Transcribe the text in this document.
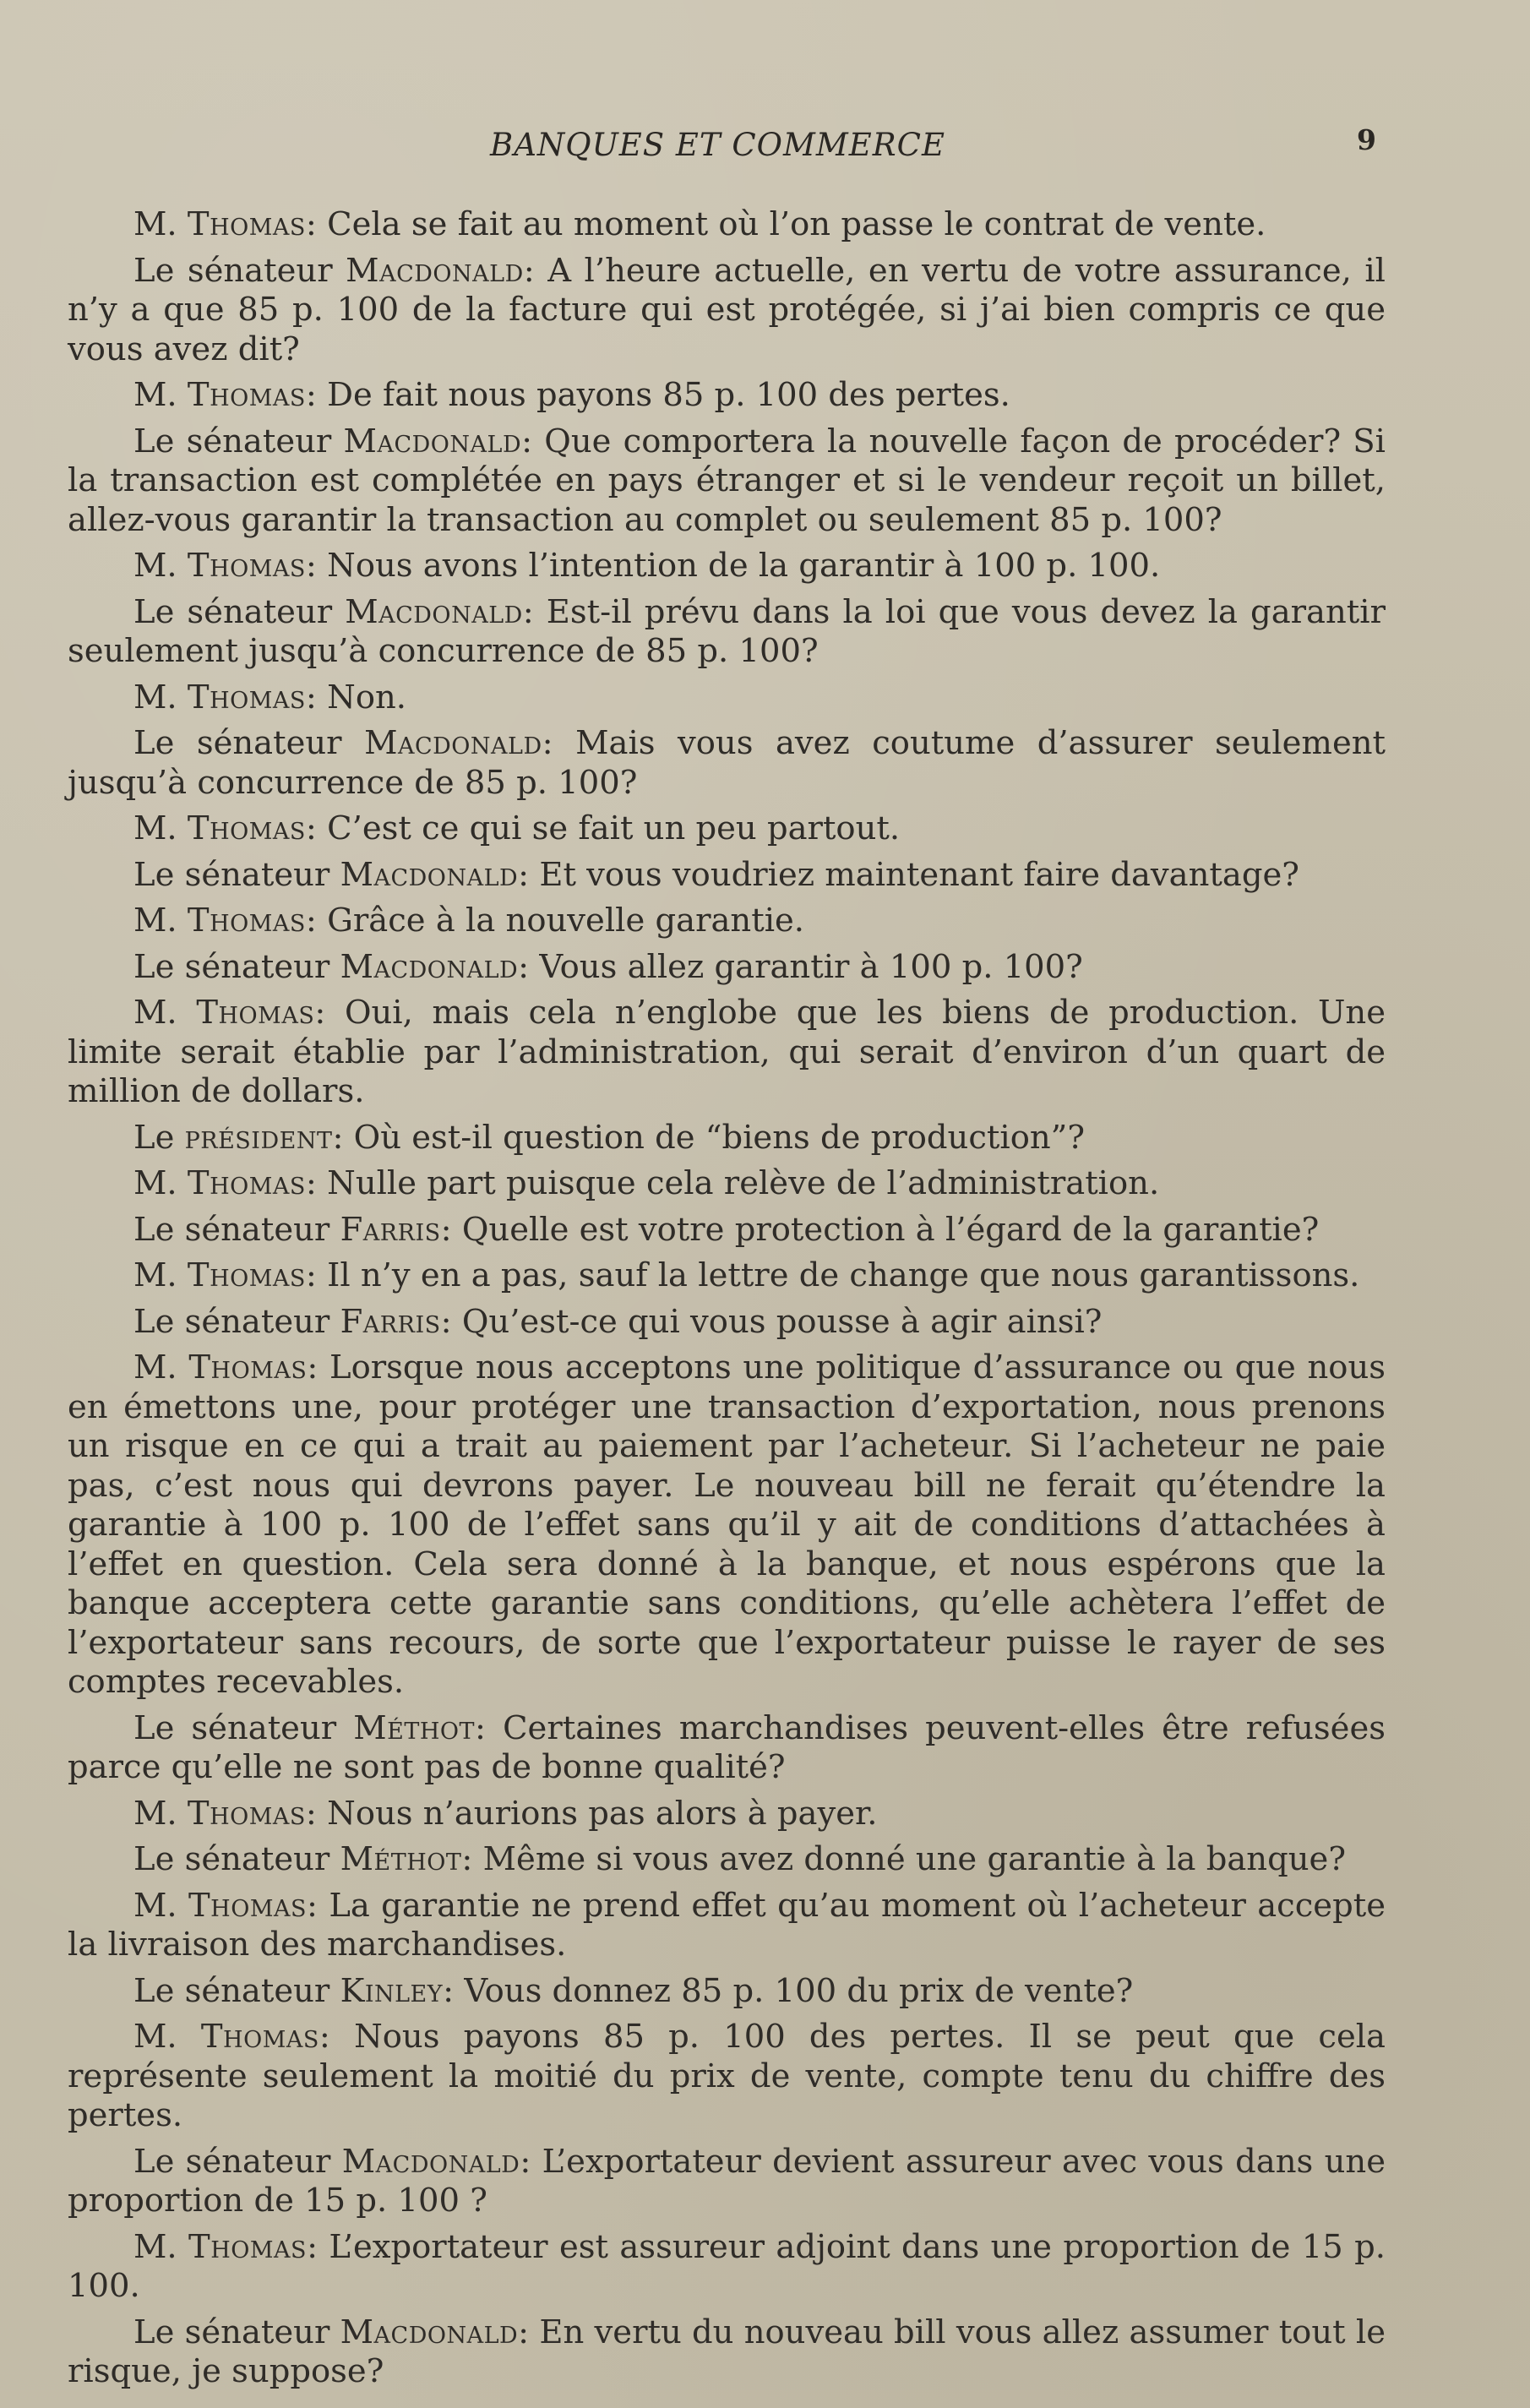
BANQUES ET COMMERCE	9

M. Thomas: Cela se fait au moment où l’on passe le contrat de vente.

Le sénateur Macdonald: A l’heure actuelle, en vertu de votre assurance, il n’y a que 85 p. 100 de la facture qui est protégée, si j’ai bien compris ce que vous avez dit?

M. Thomas: De fait nous payons 85 p. 100 des pertes.

Le sénateur Macdonald: Que comportera la nouvelle façon de procéder? Si la transaction est complétée en pays étranger et si le vendeur reçoit un billet, allez-vous garantir la transaction au complet ou seulement 85 p. 100?

M. Thomas: Nous avons l’intention de la garantir à 100 p. 100.

Le sénateur Macdonald: Est-il prévu dans la loi que vous devez la garantir seulement jusqu’à concurrence de 85 p. 100?

M. Thomas: Non.

Le sénateur Macdonald: Mais vous avez coutume d’assurer seulement jusqu’à concurrence de 85 p. 100?

M. Thomas: C’est ce qui se fait un peu partout.

Le sénateur Macdonald: Et vous voudriez maintenant faire davantage?

M. Thomas: Grâce à la nouvelle garantie.

Le sénateur Macdonald: Vous allez garantir à 100 p. 100?

M. Thomas: Oui, mais cela n’englobe que les biens de production. Une limite serait établie par l’administration, qui serait d’environ d’un quart de million de dollars.

Le président: Où est-il question de “biens de production”?

M. Thomas: Nulle part puisque cela relève de l’administration.

Le sénateur Farris: Quelle est votre protection à l’égard de la garantie?

M. Thomas: Il n’y en a pas, sauf la lettre de change que nous garantissons.

Le sénateur Farris: Qu’est-ce qui vous pousse à agir ainsi?

M. Thomas: Lorsque nous acceptons une politique d’assurance ou que nous en émettons une, pour protéger une transaction d’exportation, nous prenons un risque en ce qui a trait au paiement par l’acheteur. Si l’acheteur ne paie pas, c’est nous qui devrons payer. Le nouveau bill ne ferait qu’étendre la garantie à 100 p. 100 de l’effet sans qu’il y ait de conditions d’attachées à l’effet en question. Cela sera donné à la banque, et nous espérons que la banque acceptera cette garantie sans conditions, qu’elle achètera l’effet de l’exportateur sans recours, de sorte que l’exportateur puisse le rayer de ses comptes recevables.

Le sénateur Méthot: Certaines marchandises peuvent-elles être refusées parce qu’elle ne sont pas de bonne qualité?

M. Thomas: Nous n’aurions pas alors à payer.

Le sénateur Méthot: Même si vous avez donné une garantie à la banque?

M. Thomas: La garantie ne prend effet qu’au moment où l’acheteur accepte la livraison des marchandises.

Le sénateur Kinley: Vous donnez 85 p. 100 du prix de vente?

M. Thomas: Nous payons 85 p. 100 des pertes. Il se peut que cela représente seulement la moitié du prix de vente, compte tenu du chiffre des pertes.

Le sénateur Macdonald: L’exportateur devient assureur avec vous dans une proportion de 15 p. 100 ?

M. Thomas: L’exportateur est assureur adjoint dans une proportion de 15 p. 100.

Le sénateur Macdonald: En vertu du nouveau bill vous allez assumer tout le risque, je suppose?
